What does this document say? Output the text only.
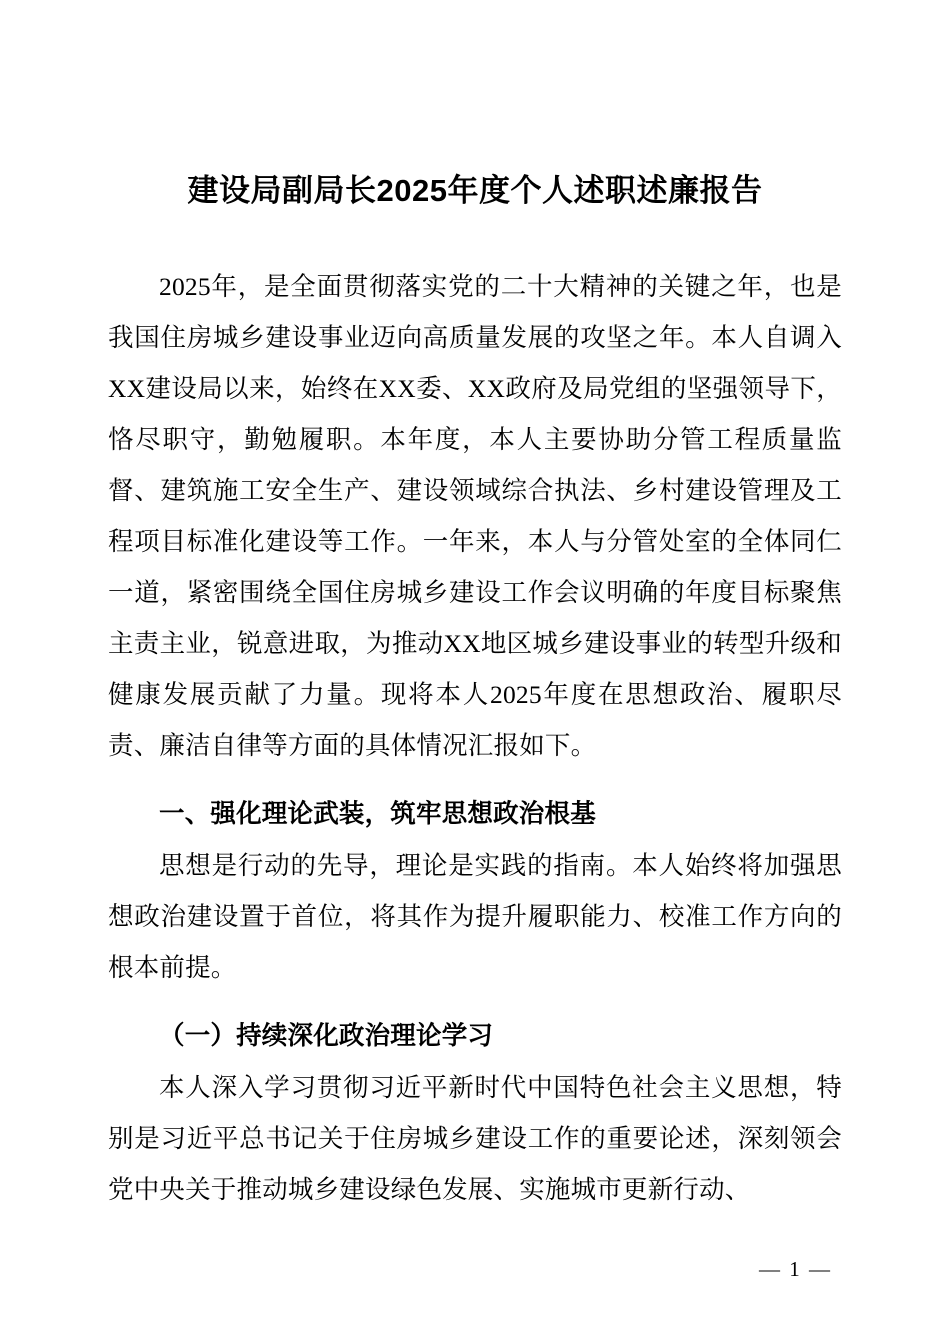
建设局副局长2025年度个人述职述廉报告

2025年，是全面贯彻落实党的二十大精神的关键之年，也是我国住房城乡建设事业迈向高质量发展的攻坚之年。本人自调入XX建设局以来，始终在XX委、XX政府及局党组的坚强领导下，恪尽职守，勤勉履职。本年度，本人主要协助分管工程质量监督、建筑施工安全生产、建设领域综合执法、乡村建设管理及工程项目标准化建设等工作。一年来，本人与分管处室的全体同仁一道，紧密围绕全国住房城乡建设工作会议明确的年度目标聚焦主责主业，锐意进取，为推动XX地区城乡建设事业的转型升级和健康发展贡献了力量。现将本人2025年度在思想政治、履职尽责、廉洁自律等方面的具体情况汇报如下。

一、强化理论武装，筑牢思想政治根基

思想是行动的先导，理论是实践的指南。本人始终将加强思想政治建设置于首位，将其作为提升履职能力、校准工作方向的根本前提。

（一）持续深化政治理论学习

本人深入学习贯彻习近平新时代中国特色社会主义思想，特别是习近平总书记关于住房城乡建设工作的重要论述，深刻领会党中央关于推动城乡建设绿色发展、实施城市更新行动、

— 1 —
